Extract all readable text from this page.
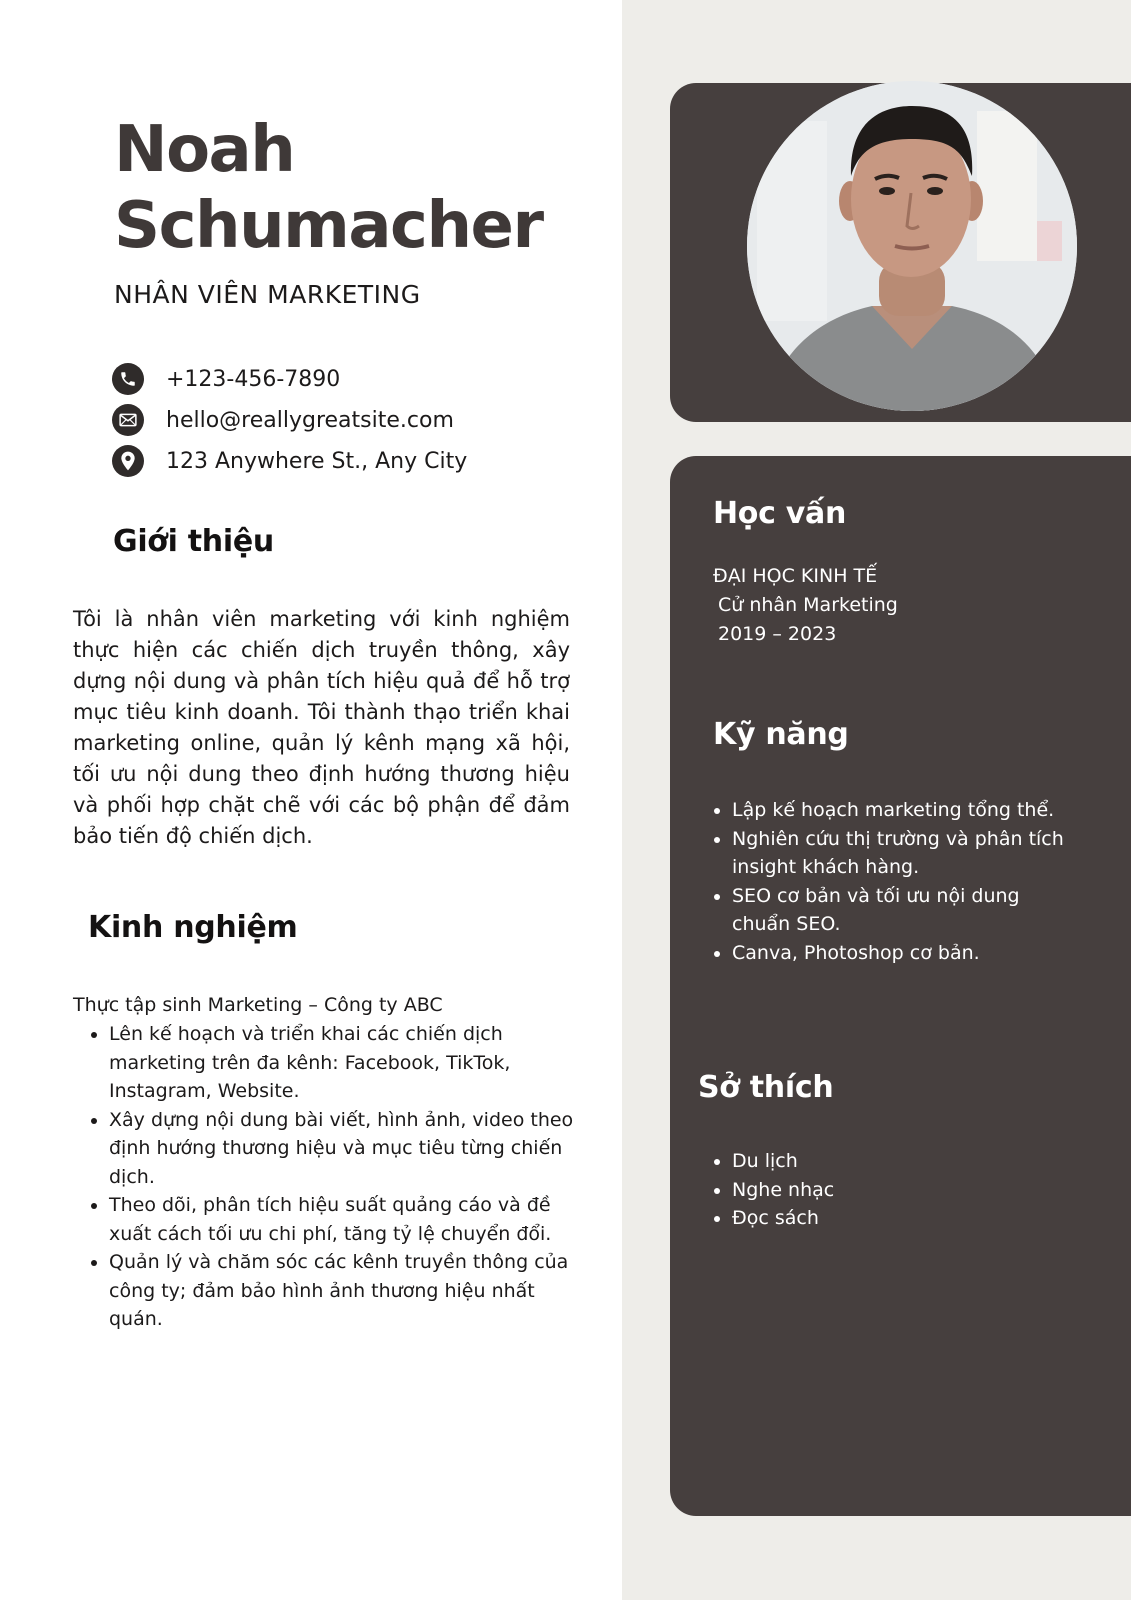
Noah
Schumacher
NHÂN VIÊN MARKETING
+123-456-7890
hello@reallygreatsite.com
123 Anywhere St., Any City
Giới thiệu

Tôi là nhân viên marketing với kinh nghiệm thực hiện các chiến dịch truyền thông, xây dựng nội dung và phân tích hiệu quả để hỗ trợ mục tiêu kinh doanh. Tôi thành thạo triển khai marketing online, quản lý kênh mạng xã hội, tối ưu nội dung theo định hướng thương hiệu và phối hợp chặt chẽ với các bộ phận để đảm bảo tiến độ chiến dịch.

Kinh nghiệm
Thực tập sinh Marketing – Công ty ABC
• Lên kế hoạch và triển khai các chiến dịch marketing trên đa kênh: Facebook, TikTok, Instagram, Website.
• Xây dựng nội dung bài viết, hình ảnh, video theo định hướng thương hiệu và mục tiêu từng chiến dịch.
• Theo dõi, phân tích hiệu suất quảng cáo và đề xuất cách tối ưu chi phí, tăng tỷ lệ chuyển đổi.
• Quản lý và chăm sóc các kênh truyền thông của công ty; đảm bảo hình ảnh thương hiệu nhất quán.
Học vấn
ĐẠI HỌC KINH TẾ
Cử nhân Marketing
2019 – 2023
Kỹ năng
• Lập kế hoạch marketing tổng thể.
• Nghiên cứu thị trường và phân tích insight khách hàng.
• SEO cơ bản và tối ưu nội dung chuẩn SEO.
• Canva, Photoshop cơ bản.
Sở thích
• Du lịch
• Nghe nhạc
• Đọc sách
